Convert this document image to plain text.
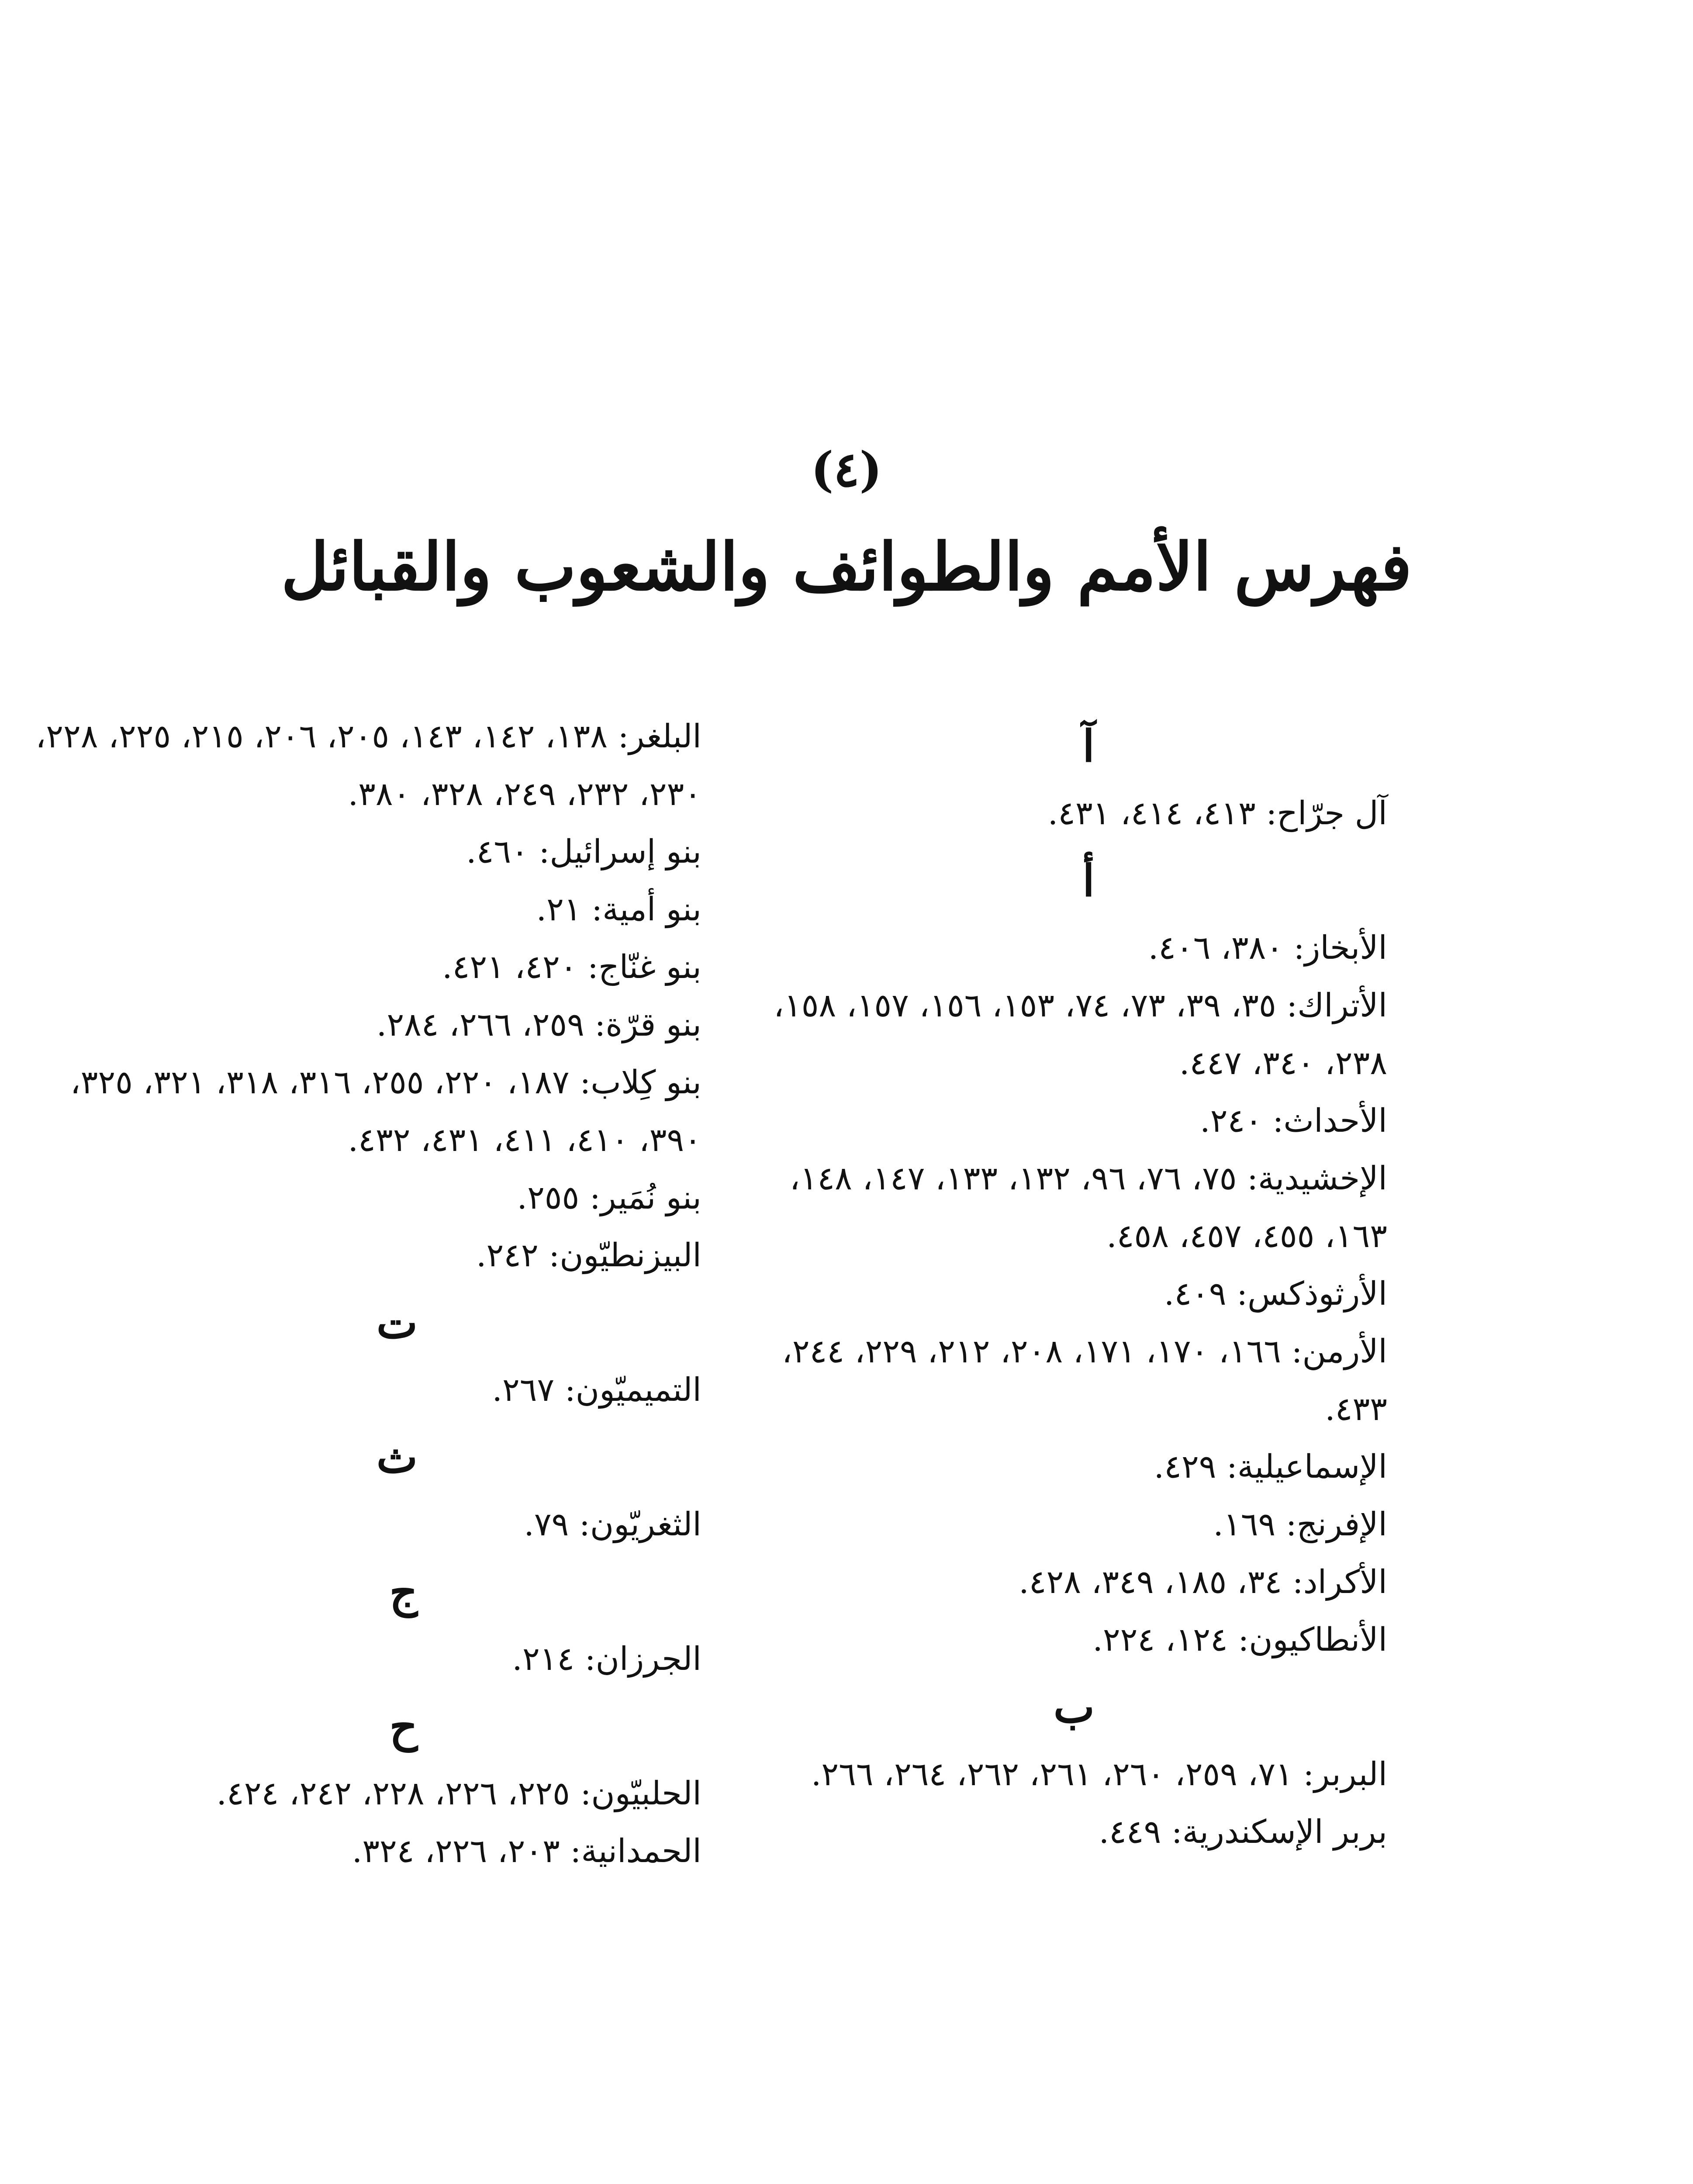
(٤)
فهرس الأمم والطوائف والشعوب والقبائل
آ
آل جرّاح: ٤١٣، ٤١٤، ٤٣١.
أ
الأبخاز: ٣٨٠، ٤٠٦.
الأتراك: ٣٥، ٣٩، ٧٣، ٧٤، ١٥٣، ١٥٦، ١٥٧، ١٥٨، ٢٣٨، ٣٤٠، ٤٤٧.
الأحداث: ٢٤٠.
الإخشيدية: ٧٥، ٧٦، ٩٦، ١٣٢، ١٣٣، ١٤٧، ١٤٨، ١٦٣، ٤٥٥، ٤٥٧، ٤٥٨.
الأرثوذكس: ٤٠٩.
الأرمن: ١٦٦، ١٧٠، ١٧١، ٢٠٨، ٢١٢، ٢٢٩، ٢٤٤، ٤٣٣.
الإسماعيلية: ٤٢٩.
الإفرنج: ١٦٩.
الأكراد: ٣٤، ١٨٥، ٣٤٩، ٤٢٨.
الأنطاكيون: ١٢٤، ٢٢٤.
ب
البربر: ٧١، ٢٥٩، ٢٦٠، ٢٦١، ٢٦٢، ٢٦٤، ٢٦٦.
بربر الإسكندرية: ٤٤٩.
البلغر: ١٣٨، ١٤٢، ١٤٣، ٢٠٥، ٢٠٦، ٢١٥، ٢٢٥، ٢٢٨، ٢٣٠، ٢٣٢، ٢٤٩، ٣٢٨، ٣٨٠.
بنو إسرائيل: ٤٦٠.
بنو أمية: ٢١.
بنو غنّاج: ٤٢٠، ٤٢١.
بنو قرّة: ٢٥٩، ٢٦٦، ٢٨٤.
بنو كِلاب: ١٨٧، ٢٢٠، ٢٥٥، ٣١٦، ٣١٨، ٣٢١، ٣٢٥، ٣٩٠، ٤١٠، ٤١١، ٤٣١، ٤٣٢.
بنو نُمَير: ٢٥٥.
البيزنطيّون: ٢٤٢.
ت
التميميّون: ٢٦٧.
ث
الثغريّون: ٧٩.
ج
الجرزان: ٢١٤.
ح
الحلبيّون: ٢٢٥، ٢٢٦، ٢٢٨، ٢٤٢، ٤٢٤.
الحمدانية: ٢٠٣، ٢٢٦، ٣٢٤.
